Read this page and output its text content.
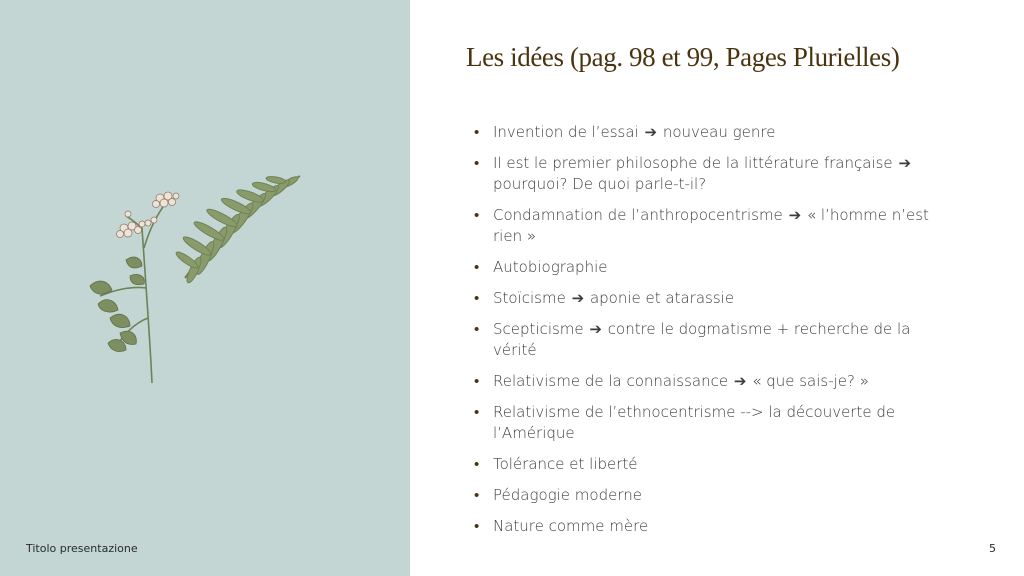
Les idées (pag. 98 et 99, Pages Plurielles)
• Invention de l’essai ➔ nouveau genre
• Il est le premier philosophe de la littérature française ➔ pourquoi? De quoi parle-t-il?
• Condamnation de l’anthropocentrisme ➔ « l’homme n’est rien »
• Autobiographie
• Stoïcisme ➔ aponie et atarassie
• Scepticisme ➔ contre le dogmatisme + recherche de la vérité
• Relativisme de la connaissance ➔ « que sais-je? »
• Relativisme de l’ethnocentrisme --> la découverte de l’Amérique
• Tolérance et liberté
• Pédagogie moderne
• Nature comme mère
Titolo presentazione	5
